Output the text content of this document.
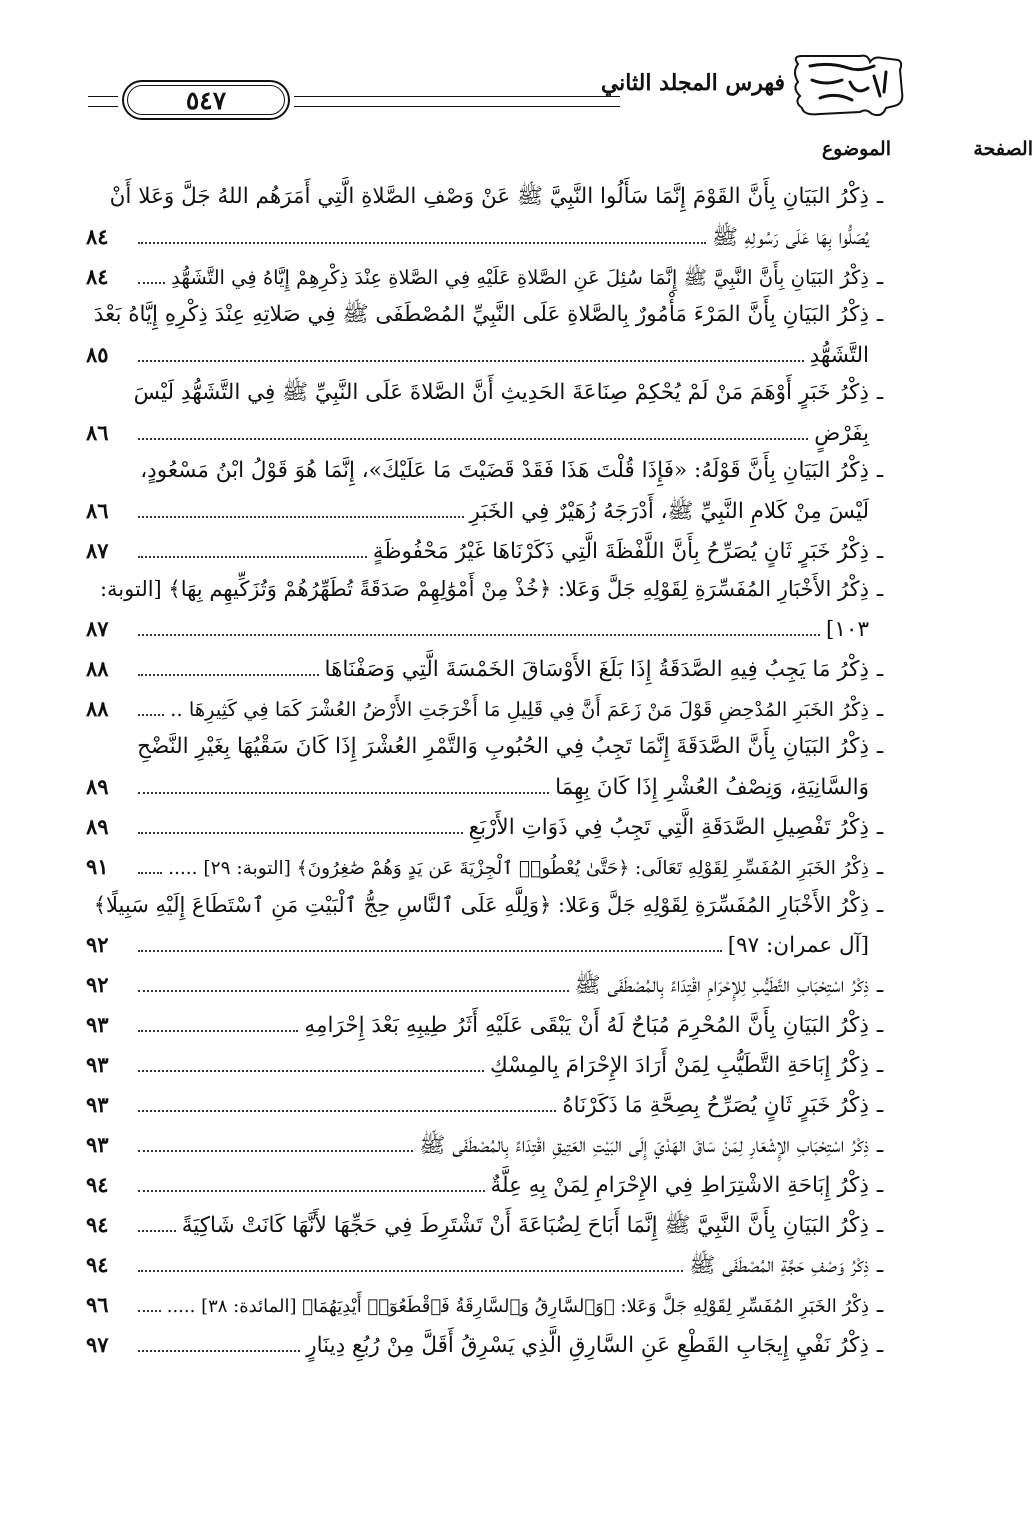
٥٤٧
فهرس المجلد الثاني
الموضوع	الصفحة
ـ
ذِكْرُ البَيَانِ بِأَنَّ القَوْمَ إِنَّمَا سَأَلُوا النَّبِيَّ ﷺ عَنْ وَصْفِ الصَّلاةِ الَّتِي أَمَرَهُم اللهُ جَلَّ وَعَلا أَنْ
يُصَلُّوا بِهَا عَلَى رَسُولِهِ ﷺ
٨٤
ـ
ذِكْرُ البَيَانِ بِأَنَّ النَّبِيَّ ﷺ إِنَّمَا سُئِلَ عَنِ الصَّلاةِ عَلَيْهِ فِي الصَّلاةِ عِنْدَ ذِكْرِهِمْ إِيَّاهُ فِي التَّشَهُّدِ
٨٤
ـ
ذِكْرُ البَيَانِ بِأَنَّ المَرْءَ مَأْمُورٌ بِالصَّلاةِ عَلَى النَّبِيِّ المُصْطَفَى ﷺ فِي صَلاتِهِ عِنْدَ ذِكْرِهِ إِيَّاهُ بَعْدَ
التَّشَهُّدِ
٨٥
ـ
ذِكْرُ خَبَرٍ أَوْهَمَ مَنْ لَمْ يُحْكِمْ صِنَاعَةَ الحَدِيثِ أَنَّ الصَّلاةَ عَلَى النَّبِيِّ ﷺ فِي التَّشَهُّدِ لَيْسَ
بِفَرْضٍ
٨٦
ـ
ذِكْرُ البَيَانِ بِأَنَّ قَوْلَهُ: «فَإِذَا قُلْتَ هَذَا فَقَدْ قَضَيْتَ مَا عَلَيْكَ»، إِنَّمَا هُوَ قَوْلُ ابْنُ مَسْعُودٍ،
لَيْسَ مِنْ كَلامِ النَّبِيِّ ﷺ، أَدْرَجَهُ زُهَيْرٌ فِي الخَبَرِ
٨٦
ـ
ذِكْرُ خَبَرٍ ثَانٍ يُصَرِّحُ بِأَنَّ اللَّفْظَةَ الَّتِي ذَكَرْنَاهَا غَيْرُ مَحْفُوظَةٍ
٨٧
ـ
ذِكْرُ الأَخْبَارِ المُفَسِّرَةِ لِقَوْلِهِ جَلَّ وَعَلا: ﴿خُذْ مِنْ أَمْوَٰلِهِمْ صَدَقَةً تُطَهِّرُهُمْ وَتُزَكِّيهِم بِهَا﴾ [التوبة:
١٠٣]
٨٧
ـ
ذِكْرُ مَا يَجِبُ فِيهِ الصَّدَقَةُ إِذَا بَلَغَ الأَوْسَاقَ الخَمْسَةَ الَّتِي وَصَفْنَاهَا
٨٨
ـ
ذِكْرُ الخَبَرِ المُدْحِضِ قَوْلَ مَنْ زَعَمَ أَنَّ فِي قَلِيلِ مَا أَخْرَجَتِ الأَرْضُ العُشْرَ كَمَا فِي كَثِيرِهَا ..
٨٨
ـ
ذِكْرُ البَيَانِ بِأَنَّ الصَّدَقَةَ إِنَّمَا تَجِبُ فِي الحُبُوبِ وَالتَّمْرِ العُشْرَ إِذَا كَانَ سَقْيُهَا بِغَيْرِ النَّضْحِ
وَالسَّانِيَةِ، وَنِصْفُ العُشْرِ إِذَا كَانَ بِهِمَا
٨٩
ـ
ذِكْرُ تَفْصِيلِ الصَّدَقَةِ الَّتِي تَجِبُ فِي ذَوَاتِ الأَرْبَعِ
٨٩
ـ
ذِكْرُ الخَبَرِ المُفَسِّرِ لِقَوْلِهِ تَعَالَى: ﴿حَتَّىٰ يُعْطُوا۟ ٱلْجِزْيَةَ عَن يَدٍ وَهُمْ صَٰغِرُونَ﴾ [التوبة: ٢٩] .....
٩١
ـ
ذِكْرُ الأَخْبَارِ المُفَسِّرَةِ لِقَوْلِهِ جَلَّ وَعَلا: ﴿وَلِلَّهِ عَلَى ٱلنَّاسِ حِجُّ ٱلْبَيْتِ مَنِ ٱسْتَطَاعَ إِلَيْهِ سَبِيلًا﴾
[آل عمران: ٩٧]
٩٢
ـ
ذِكْرُ اسْتِحْبَابِ التَّطَيُّبِ لِلإِحْرَامِ اقْتِدَاءً بِالمُصْطَفَى ﷺ
٩٢
ـ
ذِكْرُ البَيَانِ بِأَنَّ المُحْرِمَ مُبَاحٌ لَهُ أَنْ يَبْقَى عَلَيْهِ أَثَرُ طِيبِهِ بَعْدَ إِحْرَامِهِ
٩٣
ـ
ذِكْرُ إِبَاحَةِ التَّطَيُّبِ لِمَنْ أَرَادَ الإِحْرَامَ بِالمِسْكِ
٩٣
ـ
ذِكْرُ خَبَرٍ ثَانٍ يُصَرِّحُ بِصِحَّةِ مَا ذَكَرْنَاهُ
٩٣
ـ
ذِكْرُ اسْتِحْبَابِ الإِشْعَارِ لِمَنْ سَاقَ الهَدْيَ إِلَى البَيْتِ العَتِيقِ اقْتِدَاءً بِالمُصْطَفَى ﷺ
٩٣
ـ
ذِكْرُ إِبَاحَةِ الاشْتِرَاطِ فِي الإِحْرَامِ لِمَنْ بِهِ عِلَّةٌ
٩٤
ـ
ذِكْرُ البَيَانِ بِأَنَّ النَّبِيَّ ﷺ إِنَّمَا أَبَاحَ لِضُبَاعَةَ أَنْ تَشْتَرِطَ فِي حَجِّهَا لأَنَّهَا كَانَتْ شَاكِيَةً
٩٤
ـ
ذِكْرُ وَصْفِ حَجَّةِ المُصْطَفَى ﷺ
٩٤
ـ
ذِكْرُ الخَبَرِ المُفَسِّرِ لِقَوْلِهِ جَلَّ وَعَلا: ﴿وَٱلسَّارِقُ وَٱلسَّارِقَةُ فَٱقْطَعُوٓا۟ أَيْدِيَهُمَا﴾ [المائدة: ٣٨] .....
٩٦
ـ
ذِكْرُ نَفْيِ إِيجَابِ القَطْعِ عَنِ السَّارِقِ الَّذِي يَسْرِقُ أَقَلَّ مِنْ رُبُعِ دِينَارٍ
٩٧
